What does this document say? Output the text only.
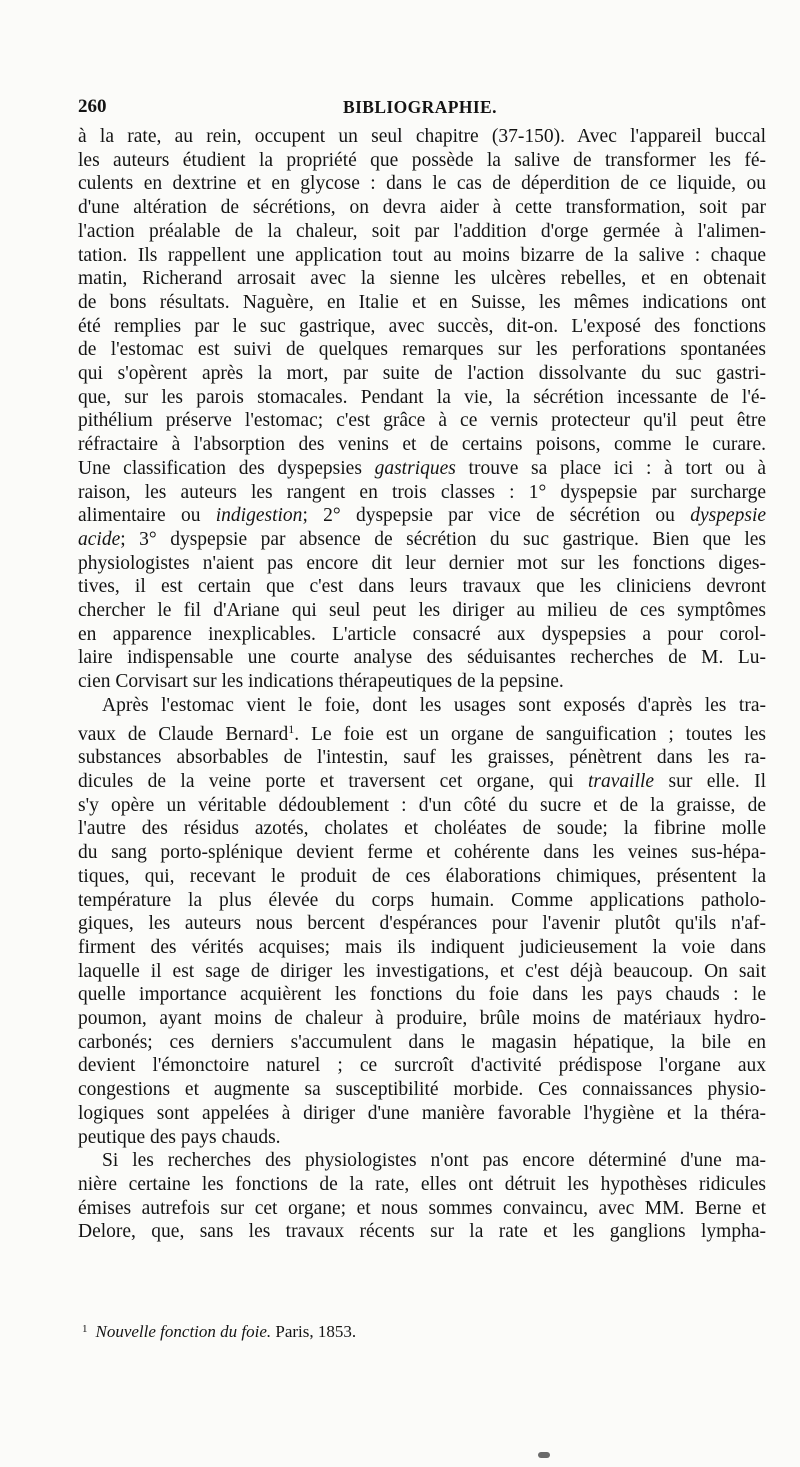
260	BIBLIOGRAPHIE.
à la rate, au rein, occupent un seul chapitre (37-150). Avec l'appareil buccal
les auteurs étudient la propriété que possède la salive de transformer les fé-
culents en dextrine et en glycose : dans le cas de déperdition de ce liquide, ou
d'une altération de sécrétions, on devra aider à cette transformation, soit par
l'action préalable de la chaleur, soit par l'addition d'orge germée à l'alimen-
tation. Ils rappellent une application tout au moins bizarre de la salive : chaque
matin, Richerand arrosait avec la sienne les ulcères rebelles, et en obtenait
de bons résultats. Naguère, en Italie et en Suisse, les mêmes indications ont
été remplies par le suc gastrique, avec succès, dit-on. L'exposé des fonctions
de l'estomac est suivi de quelques remarques sur les perforations spontanées
qui s'opèrent après la mort, par suite de l'action dissolvante du suc gastri-
que, sur les parois stomacales. Pendant la vie, la sécrétion incessante de l'é-
pithélium préserve l'estomac; c'est grâce à ce vernis protecteur qu'il peut être
réfractaire à l'absorption des venins et de certains poisons, comme le curare.
Une classification des dyspepsies gastriques trouve sa place ici : à tort ou à
raison, les auteurs les rangent en trois classes : 1° dyspepsie par surcharge
alimentaire ou indigestion; 2° dyspepsie par vice de sécrétion ou dyspepsie
acide; 3° dyspepsie par absence de sécrétion du suc gastrique. Bien que les
physiologistes n'aient pas encore dit leur dernier mot sur les fonctions diges-
tives, il est certain que c'est dans leurs travaux que les cliniciens devront
chercher le fil d'Ariane qui seul peut les diriger au milieu de ces symptômes
en apparence inexplicables. L'article consacré aux dyspepsies a pour corol-
laire indispensable une courte analyse des séduisantes recherches de M. Lu-
cien Corvisart sur les indications thérapeutiques de la pepsine.
Après l'estomac vient le foie, dont les usages sont exposés d'après les tra-
vaux de Claude Bernard$^1$. Le foie est un organe de sanguification ; toutes les
substances absorbables de l'intestin, sauf les graisses, pénètrent dans les ra-
dicules de la veine porte et traversent cet organe, qui travaille sur elle. Il
s'y opère un véritable dédoublement : d'un côté du sucre et de la graisse, de
l'autre des résidus azotés, cholates et choléates de soude; la fibrine molle
du sang porto-splénique devient ferme et cohérente dans les veines sus-hépa-
tiques, qui, recevant le produit de ces élaborations chimiques, présentent la
température la plus élevée du corps humain. Comme applications patholo-
giques, les auteurs nous bercent d'espérances pour l'avenir plutôt qu'ils n'af-
firment des vérités acquises; mais ils indiquent judicieusement la voie dans
laquelle il est sage de diriger les investigations, et c'est déjà beaucoup. On sait
quelle importance acquièrent les fonctions du foie dans les pays chauds : le
poumon, ayant moins de chaleur à produire, brûle moins de matériaux hydro-
carbonés; ces derniers s'accumulent dans le magasin hépatique, la bile en
devient l'émonctoire naturel ; ce surcroît d'activité prédispose l'organe aux
congestions et augmente sa susceptibilité morbide. Ces connaissances physio-
logiques sont appelées à diriger d'une manière favorable l'hygiène et la théra-
peutique des pays chauds.
Si les recherches des physiologistes n'ont pas encore déterminé d'une ma-
nière certaine les fonctions de la rate, elles ont détruit les hypothèses ridicules
émises autrefois sur cet organe; et nous sommes convaincu, avec MM. Berne et
Delore, que, sans les travaux récents sur la rate et les ganglions lympha-
$^1$ Nouvelle fonction du foie. Paris, 1853.
